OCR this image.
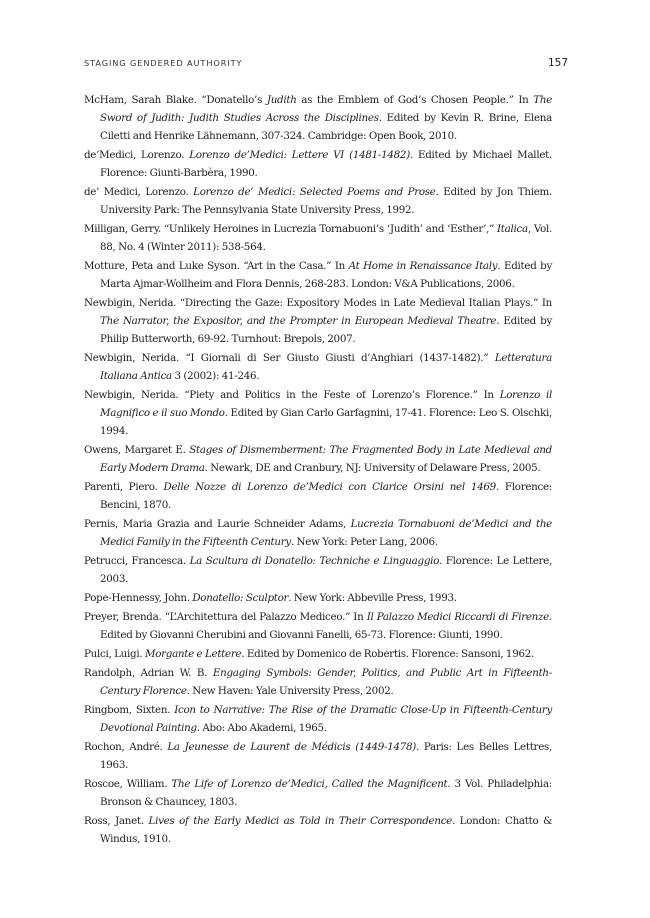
STAGING GENDERED AUTHORITY	157

McHam, Sarah Blake. “Donatello’s Judith as the Emblem of God’s Chosen People.” In The Sword of Judith: Judith Studies Across the Disciplines. Edited by Kevin R. Brine, Elena Ciletti and Henrike Lähnemann, 307-324. Cambridge: Open Book, 2010.

de’Medici, Lorenzo. Lorenzo de’Medici: Lettere VI (1481-1482). Edited by Michael Mallet. Florence: Giunti-Barbèra, 1990.

de’ Medici, Lorenzo. Lorenzo de’ Medici: Selected Poems and Prose. Edited by Jon Thiem. University Park: The Pennsylvania State University Press, 1992.

Milligan, Gerry. “Unlikely Heroines in Lucrezia Tornabuoni’s ‘Judith’ and ‘Esther’,” Italica, Vol. 88, No. 4 (Winter 2011): 538-564.

Motture, Peta and Luke Syson. “Art in the Casa.” In At Home in Renaissance Italy. Edited by Marta Ajmar-Wollheim and Flora Dennis, 268-283. London: V&A Publications, 2006.

Newbigin, Nerida. “Directing the Gaze: Expository Modes in Late Medieval Italian Plays.” In The Narrator, the Expositor, and the Prompter in European Medieval Theatre. Edited by Philip Butterworth, 69-92. Turnhout: Brepols, 2007.

Newbigin, Nerida. “I Giornali di Ser Giusto Giusti d’Anghiari (1437-1482).” Letteratura Italiana Antica 3 (2002): 41-246.

Newbigin, Nerida. “Piety and Politics in the Feste of Lorenzo’s Florence.” In Lorenzo il Magnifico e il suo Mondo. Edited by Gian Carlo Garfagnini, 17-41. Florence: Leo S. Olschki, 1994.

Owens, Margaret E. Stages of Dismemberment: The Fragmented Body in Late Medieval and Early Modern Drama. Newark, DE and Cranbury, NJ: University of Delaware Press, 2005.

Parenti, Piero. Delle Nozze di Lorenzo de’Medici con Clarice Orsini nel 1469. Florence: Bencini, 1870.

Pernis, Maria Grazia and Laurie Schneider Adams, Lucrezia Tornabuoni de’Medici and the Medici Family in the Fifteenth Century. New York: Peter Lang, 2006.

Petrucci, Francesca. La Scultura di Donatello: Techniche e Linguaggio. Florence: Le Lettere, 2003.

Pope-Hennessy, John. Donatello: Sculptor. New York: Abbeville Press, 1993.

Preyer, Brenda. “L’Architettura del Palazzo Mediceo.” In Il Palazzo Medici Riccardi di Firenze. Edited by Giovanni Cherubini and Giovanni Fanelli, 65-73. Florence: Giunti, 1990.

Pulci, Luigi. Morgante e Lettere. Edited by Domenico de Robertis. Florence: Sansoni, 1962.

Randolph, Adrian W. B. Engaging Symbols: Gender, Politics, and Public Art in Fifteenth-Century Florence. New Haven: Yale University Press, 2002.

Ringbom, Sixten. Icon to Narrative: The Rise of the Dramatic Close-Up in Fifteenth-Century Devotional Painting. Abo: Abo Akademi, 1965.

Rochon, André. La Jeunesse de Laurent de Médicis (1449-1478). Paris: Les Belles Lettres, 1963.

Roscoe, William. The Life of Lorenzo de’Medici, Called the Magnificent. 3 Vol. Philadelphia: Bronson & Chauncey, 1803.

Ross, Janet. Lives of the Early Medici as Told in Their Correspondence. London: Chatto & Windus, 1910.
